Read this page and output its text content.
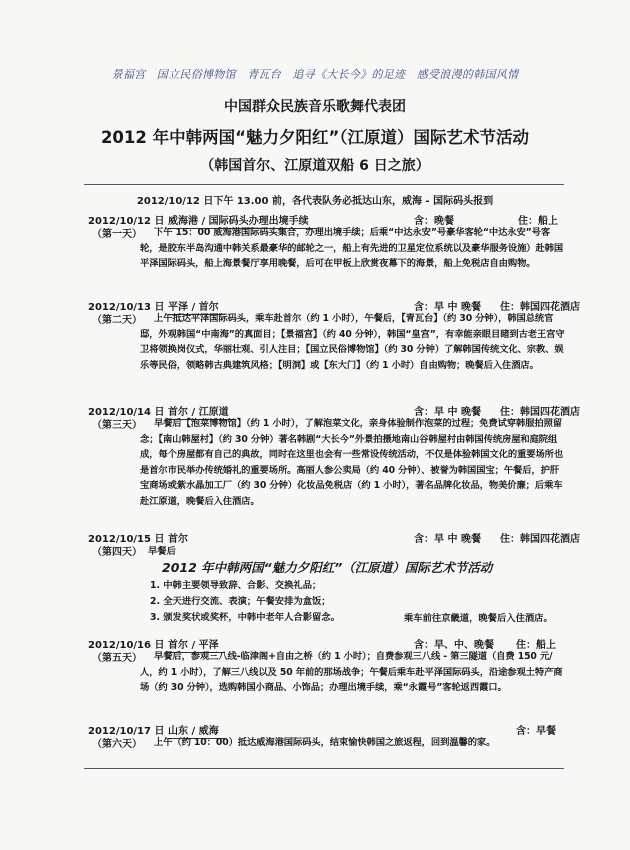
景福宫　国立民俗博物馆　青瓦台　追寻《大长今》的足迹　感受浪漫的韩国风情
中国群众民族音乐歌舞代表团
2012 年中韩两国“魅力夕阳红”（江原道）国际艺术节活动
（韩国首尔、江原道双船 6 日之旅）
2012/10/12 日下午 13.00 前，各代表队务必抵达山东，威海 - 国际码头报到
2012/10/12 日
（第一天）
威海港 / 国际码头办理出境手续	含：晚餐	住：船上
下午 15：00 威海港国际码头集合，办理出境手续；后乘“中达永安”号豪华客轮“中达永安”号客轮，是胶东半岛沟通中韩关系最豪华的邮轮之一，船上有先进的卫星定位系统以及豪华服务设施）赴韩国平泽国际码头，船上海景餐厅享用晚餐，后可在甲板上欣赏夜幕下的海景，船上免税店自由购物。
2012/10/13 日
（第二天）
平泽 / 首尔	含：早 中 晚餐 住：韩国四花酒店
上午抵达平泽国际码头，乘车赴首尔（约 1 小时），午餐后，【青瓦台】（约 30 分钟），韩国总统官邸，外观韩国“中南海”的真面目；【景福宫】（约 40 分钟），韩国“皇宫”，有幸能亲眼目睹到古老王宫守卫将领换岗仪式，华丽壮观、引人注目；【国立民俗博物馆】（约 30 分钟）了解韩国传统文化、宗教、娱乐等民俗，领略韩古典建筑风格；【明洞】或【东大门】（约 1 小时）自由购物；晚餐后入住酒店。
2012/10/14 日
（第三天）
首尔 / 江原道	含：早 中 晚餐 住：韩国四花酒店
早餐后【泡菜博物馆】（约 1 小时），了解泡菜文化，亲身体验制作泡菜的过程；免费试穿韩服拍照留念；【南山韩屋村】（约 30 分钟）著名韩剧“大长今”外景拍摄地南山谷韩屋村由韩国传统房屋和庭院组成，每个房屋都有自己的典故，同时在这里也会有一些常设传统活动，不仅是体验韩国文化的重要场所也是首尔市民举办传统婚礼的重要场所。高丽人参公卖局（约 40 分钟）、被誉为韩国国宝；午餐后，护肝宝商场或紫水晶加工厂（约 30 分钟）化妆品免税店（约 1 小时），著名品牌化妆品，物美价廉；后乘车赴江原道，晚餐后入住酒店。
2012/10/15 日
（第四天）
首尔	含：早 中 晚餐 住：韩国四花酒店
早餐后
2012 年中韩两国“魅力夕阳红”（江原道）国际艺术节活动
1. 中韩主要领导致辞、合影、交换礼品；
2. 全天进行交流、表演；午餐安排为盒饭；
3. 颁发奖状或奖杯，中韩中老年人合影留念。	乘车前往京畿道，晚餐后入住酒店。
2012/10/16 日
（第五天）
首尔 / 平泽	含：早、中、晚餐 住：船上
早餐后，参观三八线-临津阁+自由之桥（约 1 小时）；自费参观三八线 - 第三隧道（自费 150 元/人，约 1 小时），了解三八线以及 50 年前的那场战争；午餐后乘车赴平泽国际码头，沿途参观土特产商场（约 30 分钟），选购韩国小商品、小饰品；办理出境手续，乘“永霞号”客轮返西霞口。
2012/10/17 日
（第六天）
山东 / 威海	含：早餐
上午（约 10：00）抵达威海港国际码头，结束愉快韩国之旅返程，回到温馨的家。
